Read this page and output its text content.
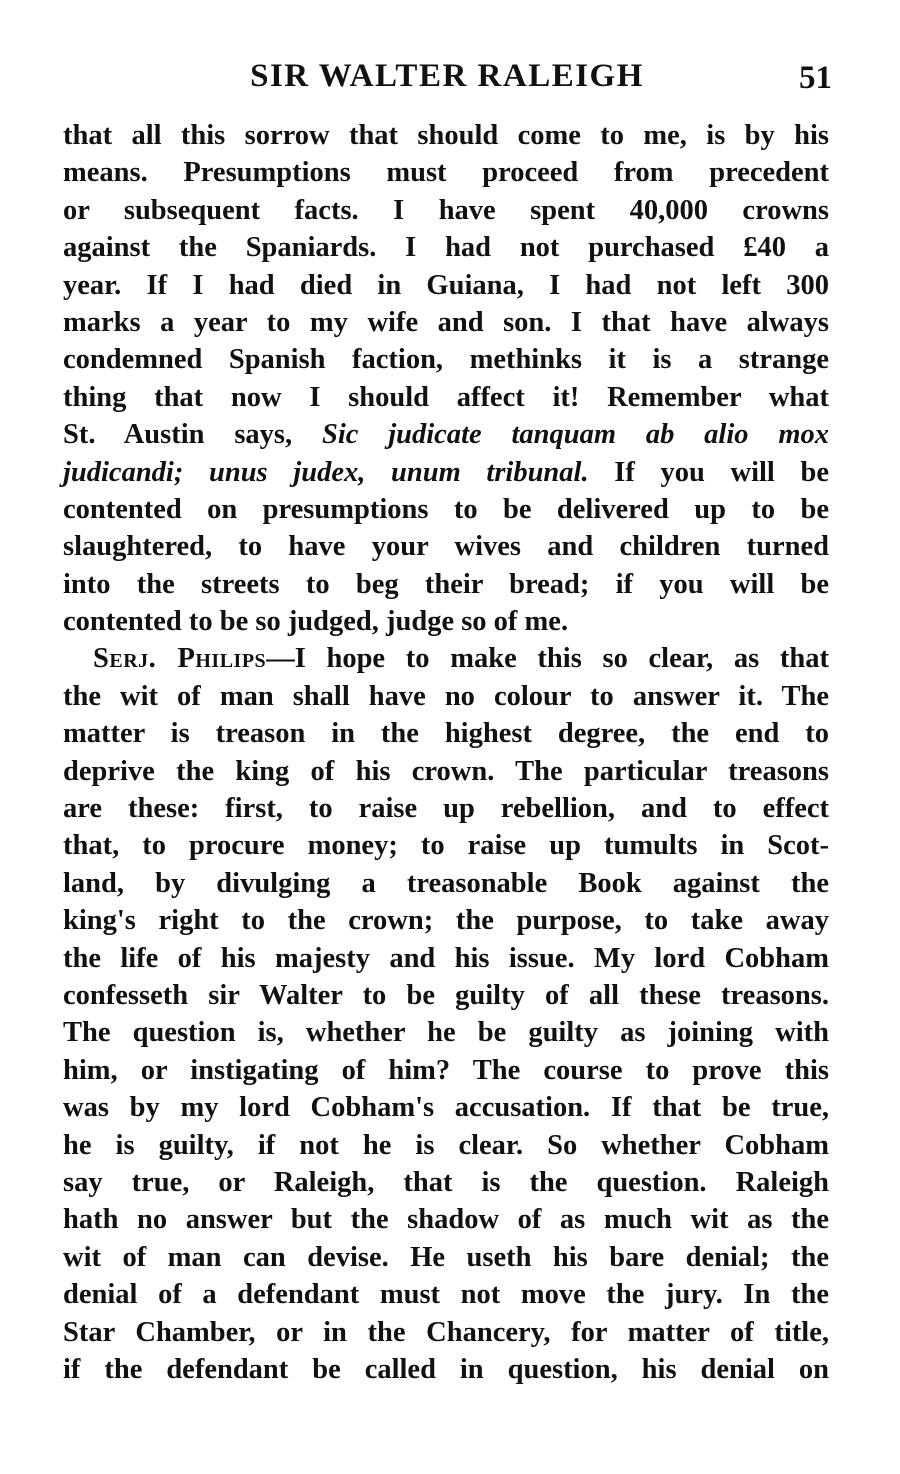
SIR WALTER RALEIGH	51
that all this sorrow that should come to me, is by his
means. Presumptions must proceed from precedent
or subsequent facts. I have spent 40,000 crowns
against the Spaniards. I had not purchased £40 a
year. If I had died in Guiana, I had not left 300
marks a year to my wife and son. I that have always
condemned Spanish faction, methinks it is a strange
thing that now I should affect it! Remember what
St. Austin says, Sic judicate tanquam ab alio mox
judicandi; unus judex, unum tribunal. If you will be
contented on presumptions to be delivered up to be
slaughtered, to have your wives and children turned
into the streets to beg their bread; if you will be
contented to be so judged, judge so of me.
Serj. Philips—I hope to make this so clear, as that
the wit of man shall have no colour to answer it. The
matter is treason in the highest degree, the end to
deprive the king of his crown. The particular treasons
are these: first, to raise up rebellion, and to effect
that, to procure money; to raise up tumults in Scot-
land, by divulging a treasonable Book against the
king's right to the crown; the purpose, to take away
the life of his majesty and his issue. My lord Cobham
confesseth sir Walter to be guilty of all these treasons.
The question is, whether he be guilty as joining with
him, or instigating of him? The course to prove this
was by my lord Cobham's accusation. If that be true,
he is guilty, if not he is clear. So whether Cobham
say true, or Raleigh, that is the question. Raleigh
hath no answer but the shadow of as much wit as the
wit of man can devise. He useth his bare denial; the
denial of a defendant must not move the jury. In the
Star Chamber, or in the Chancery, for matter of title,
if the defendant be called in question, his denial on
